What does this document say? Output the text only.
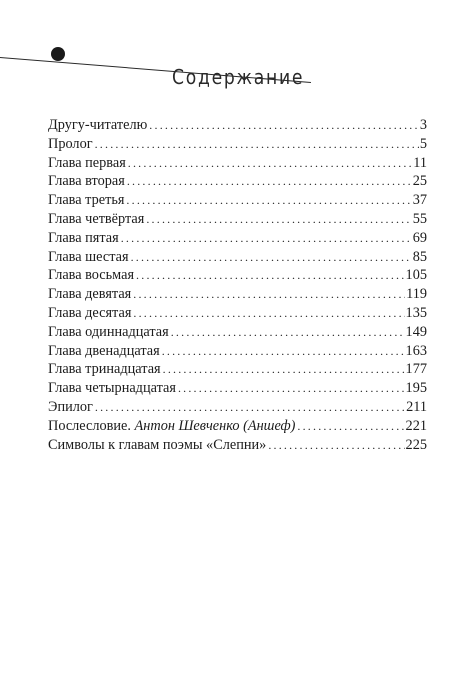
Содержание
Другу-читателю .....	3
Пролог .....	5
Глава первая .....	11
Глава вторая .....	25
Глава третья .....	37
Глава четвёртая .....	55
Глава пятая .....	69
Глава шестая .....	85
Глава восьмая .....	105
Глава девятая .....	119
Глава десятая .....	135
Глава одиннадцатая .....	149
Глава двенадцатая .....	163
Глава тринадцатая .....	177
Глава четырнадцатая .....	195
Эпилог .....	211
Послесловие. Антон Шевченко (Аншеф) .....	221
Символы к главам поэмы «Слепни» .....	225
